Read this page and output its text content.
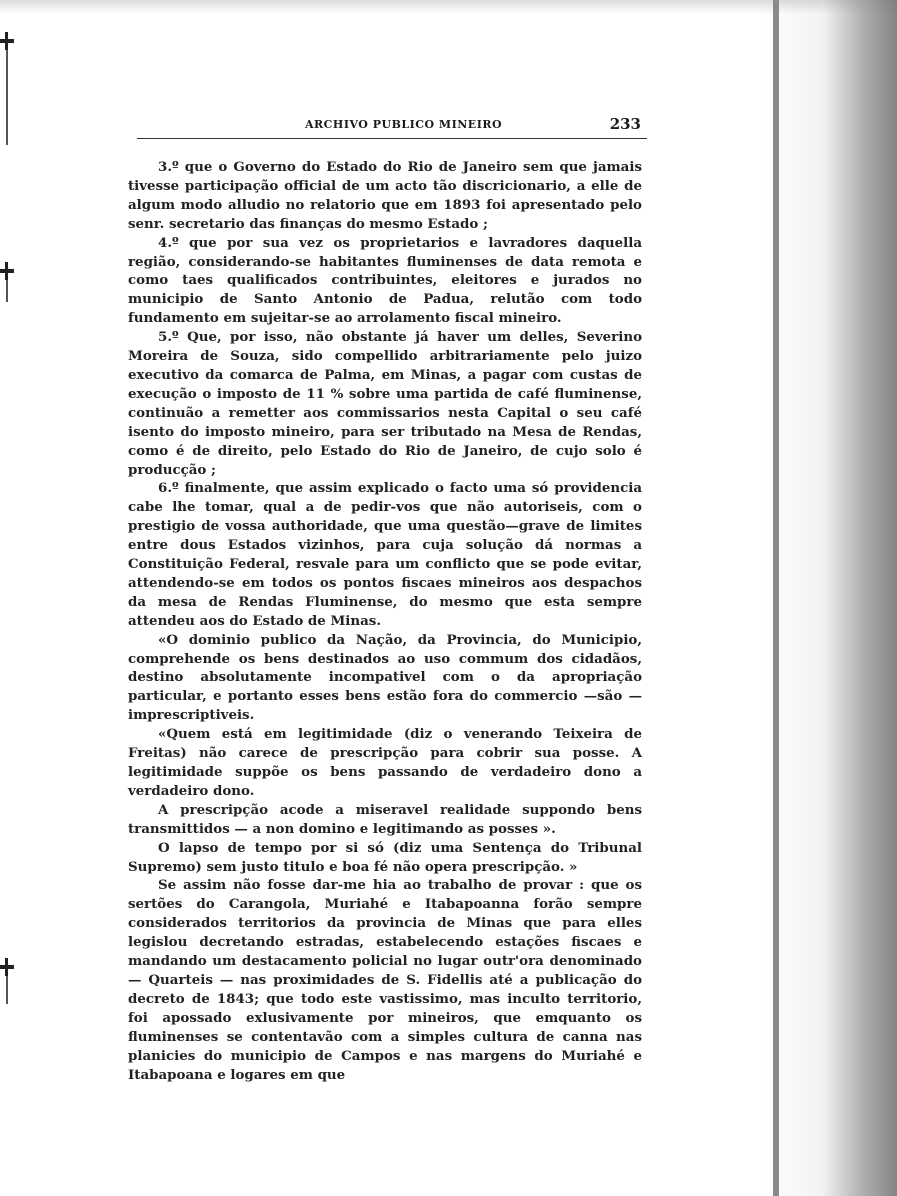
ARCHIVO PUBLICO MINEIRO	233

3.º que o Governo do Estado do Rio de Janeiro sem que jamais tivesse participação official de um acto tão discricionario, a elle de algum modo alludio no relatorio que em 1893 foi apresentado pelo senr. secretario das finanças do mesmo Estado ;

4.º que por sua vez os proprietarios e lavradores daquella região, considerando-se habitantes fluminenses de data remota e como taes qualificados contribuintes, eleitores e jurados no municipio de Santo Antonio de Padua, relutão com todo fundamento em sujeitar-se ao arrolamento fiscal mineiro.

5.º Que, por isso, não obstante já haver um delles, Severino Moreira de Souza, sido compellido arbitrariamente pelo juizo executivo da comarca de Palma, em Minas, a pagar com custas de execução o imposto de 11 % sobre uma partida de café fluminense, continuão a remetter aos commissarios nesta Capital o seu café isento do imposto mineiro, para ser tributado na Mesa de Rendas, como é de direito, pelo Estado do Rio de Janeiro, de cujo solo é producção ;

6.º finalmente, que assim explicado o facto uma só providencia cabe lhe tomar, qual a de pedir-vos que não autoriseis, com o prestigio de vossa authoridade, que uma questão—grave de limites entre dous Estados vizinhos, para cuja solução dá normas a Constituição Federal, resvale para um conflicto que se pode evitar, attendendo-se em todos os pontos fiscaes mineiros aos despachos da mesa de Rendas Fluminense, do mesmo que esta sempre attendeu aos do Estado de Minas.

«O dominio publico da Nação, da Provincia, do Municipio, comprehende os bens destinados ao uso commum dos cidadãos, destino absolutamente incompativel com o da apropriação particular, e portanto esses bens estão fora do commercio —são — imprescriptiveis.

«Quem está em legitimidade (diz o venerando Teixeira de Freitas) não carece de prescripção para cobrir sua posse. A legitimidade suppõe os bens passando de verdadeiro dono a verdadeiro dono.

A prescripção acode a miseravel realidade suppondo bens transmittidos — a non domino e legitimando as posses ».

O lapso de tempo por si só (diz uma Sentença do Tribunal Supremo) sem justo titulo e boa fé não opera prescripção. »

Se assim não fosse dar-me hia ao trabalho de provar : que os sertões do Carangola, Muriahé e Itabapoanna forão sempre considerados territorios da provincia de Minas que para elles legislou decretando estradas, estabelecendo estações fiscaes e mandando um destacamento policial no lugar outr'ora denominado— Quarteis — nas proximidades de S. Fidellis até a publicação do decreto de 1843; que todo este vastissimo, mas inculto territorio, foi apossado exlusivamente por mineiros, que emquanto os fluminenses se contentavão com a simples cultura de canna nas planicies do municipio de Campos e nas margens do Muriahé e Itabapoana e logares em que
